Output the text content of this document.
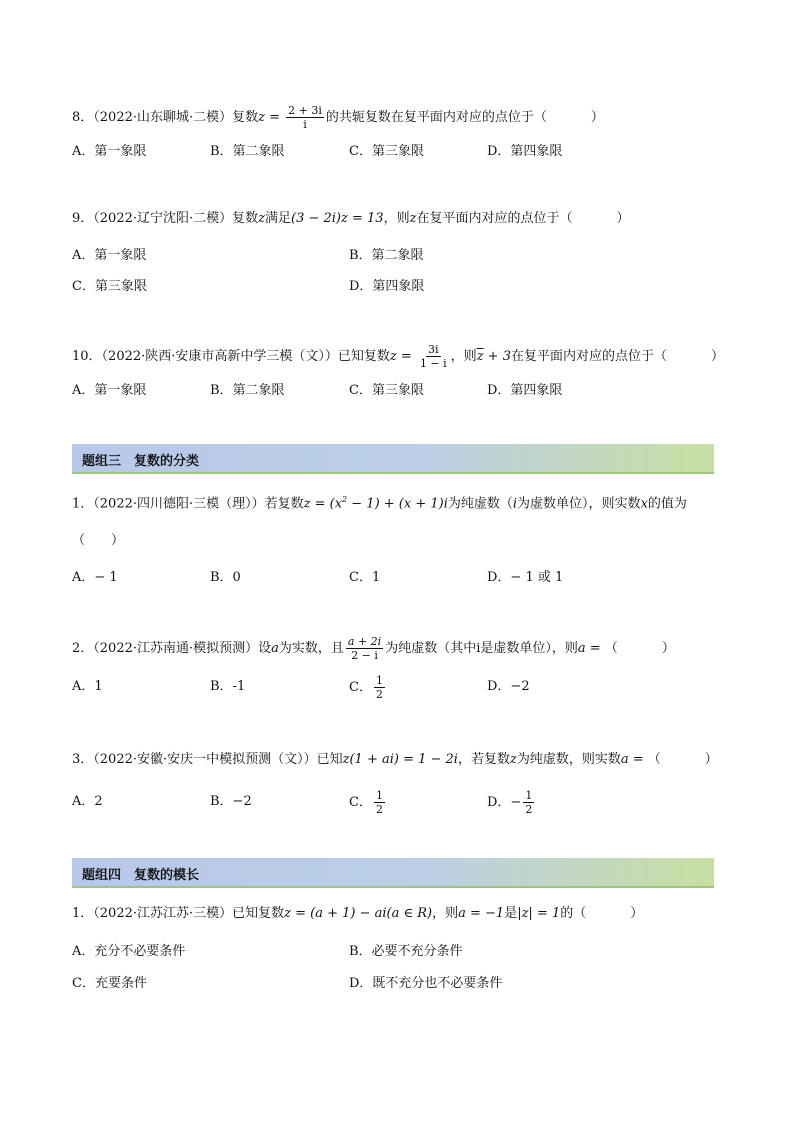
8．（2022·山东聊城·二模）复数$z = \frac{2 + 3i}{i}$ 的共轭复数在复平面内对应的点位于（	）
A．第一象限	B．第二象限	C．第三象限	D．第四象限
9．（2022·辽宁沈阳·二模）复数z满足(3 − 2i)z = 13，则z在复平面内对应的点位于（	）
A．第一象限	B．第二象限
C．第三象限	D．第四象限
10．（2022·陕西·安康市高新中学三模（文））已知复数$z = \frac{3i}{1 - i}$ ，则$\overline{z} + 3$在复平面内对应的点位于（	）
A．第一象限	B．第二象限	C．第三象限	D．第四象限
题组三　复数的分类
1．（2022·四川德阳·三模（理））若复数$z = (x^2 - 1) + (x + 1)i$为纯虚数（i为虚数单位），则实数x的值为
（　　）
A．− 1	B．0	C．1	D．− 1 或 1
2．（2022·江苏南通·模拟预测）设a为实数，且 $\frac{a + 2i}{2 - i}$ 为纯虚数（其中i是虚数单位），则a = （	）
A．1	B．-1	C． $\frac{1}{2}$	D．−2
3．（2022·安徽·安庆一中模拟预测（文））已知z(1 + ai) = 1 − 2i，若复数z为纯虚数，则实数a = （	）
A．2	B．−2	C． $\frac{1}{2}$	D．− $\frac{1}{2}$
题组四　复数的模长
1．（2022·江苏江苏·三模）已知复数z = (a + 1) − ai(a ∈ R)，则a = −1是|z| = 1的（	）
A．充分不必要条件	B．必要不充分条件
C．充要条件	D．既不充分也不必要条件
